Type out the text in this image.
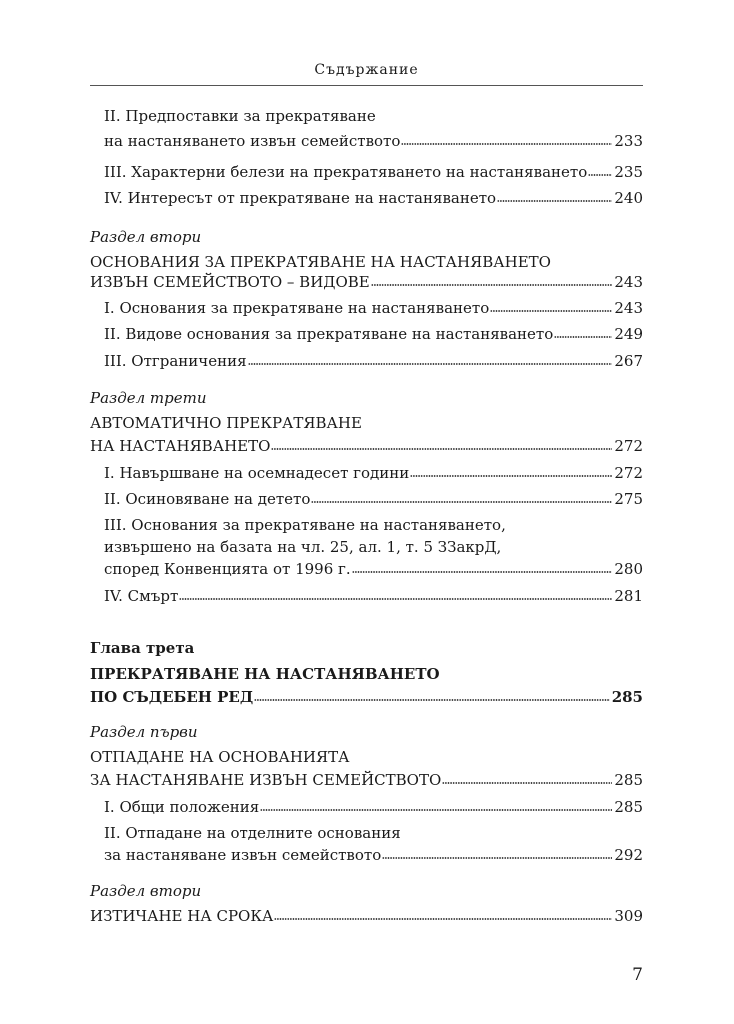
Съдържание
II. Предпоставки за прекратяване
на настаняването извън семейството	233
III. Характерни белези на прекратяването на настаняването 235
IV. Интересът от прекратяване на настаняването	240
Раздел втори
ОСНОВАНИЯ ЗА ПРЕКРАТЯВАНЕ НА НАСТАНЯВАНЕТО
ИЗВЪН СЕМЕЙСТВОТО – ВИДОВЕ	243
I. Основания за прекратяване на настаняването	243
II. Видове основания за прекратяване на настаняването	249
III. Отграничения	267
Раздел трети
АВТОМАТИЧНО ПРЕКРАТЯВАНЕ
НА НАСТАНЯВАНЕТО	272
I. Навършване на осемнадесет години	272
II. Осиновяване на детето	275
III. Основания за прекратяване на настаняването,
извършено на базата на чл. 25, ал. 1, т. 5 ЗЗакрД,
според Конвенцията от 1996 г.	280
IV. Смърт	281
Глава трета
ПРЕКРАТЯВАНЕ НА НАСТАНЯВАНЕТО
ПО СЪДЕБЕН РЕД	285
Раздел първи
ОТПАДАНЕ НА ОСНОВАНИЯТА
ЗА НАСТАНЯВАНЕ ИЗВЪН СЕМЕЙСТВОТО	285
I. Общи положения	285
II. Отпадане на отделните основания
за настаняване извън семейството	292
Раздел втори
ИЗТИЧАНЕ НА СРОКА	309
7
